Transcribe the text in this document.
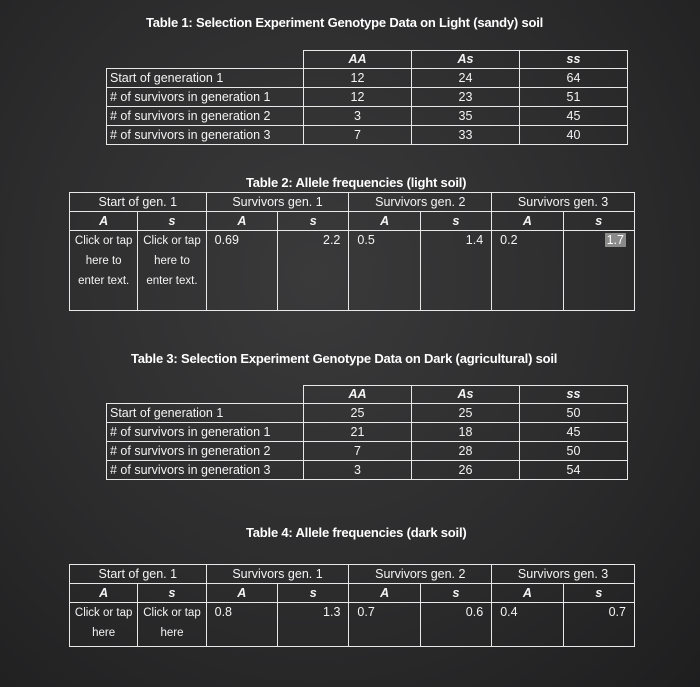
Table 1: Selection Experiment Genotype Data on Light (sandy) soil
	AA	As	ss
Start of generation 1	12	24	64
# of survivors in generation 1	12	23	51
# of survivors in generation 2	3	35	45
# of survivors in generation 3	7	33	40
Table 2: Allele frequencies (light soil)
Start of gen. 1		Survivors gen. 1		Survivors gen. 2		Survivors gen. 3	
A	s	A	s	A	s	A	s
Click or tap here to enter text.	Click or tap here to enter text.	0.69	2.2	0.5	1.4	0.2	1.7
Table 3: Selection Experiment Genotype Data on Dark (agricultural) soil
	AA	As	ss
Start of generation 1	25	25	50
# of survivors in generation 1	21	18	45
# of survivors in generation 2	7	28	50
# of survivors in generation 3	3	26	54
Table 4: Allele frequencies (dark soil)
Start of gen. 1		Survivors gen. 1		Survivors gen. 2		Survivors gen. 3	
A	s	A	s	A	s	A	s
Click or tap here	Click or tap here	0.8	1.3	0.7	0.6	0.4	0.7
